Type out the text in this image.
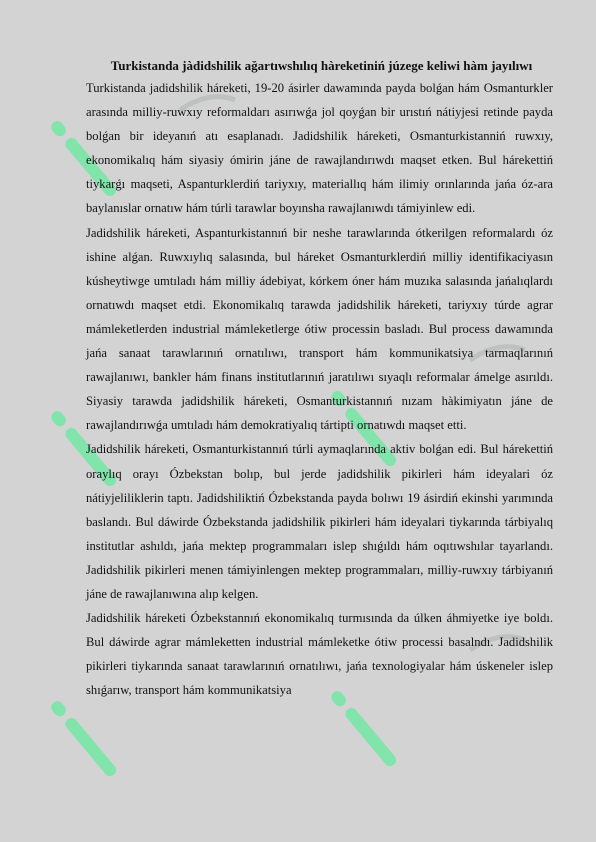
Turkistanda jàdidshilik ağartıwshılıq hàreketiniń júzege keliwi hàm jayılıwı

Turkistanda jadidshilik háreketi, 19-20 ásirler dawamında payda bolǵan hám Osmanturkler arasında milliy-ruwxıy reformaldarı asırıwǵa jol qoyǵan bir urıstıń nátiyjesi retinde payda bolǵan bir ideyanıń atı esaplanadı. Jadidshilik háreketi, Osmanturkistanniń ruwxıy, ekonomikalıq hám siyasiy ómirin jáne de rawajlandırıwdı maqset etken. Bul hárekettiń tiykarǵı maqseti, Aspanturklerdiń tariyxıy, materiallıq hám ilimiy orınlarında jańa óz-ara baylanıslar ornatıw hám túrli tarawlar boyınsha rawajlanıwdı támiyinlew edi.

Jadidshilik háreketi, Aspanturkistannıń bir neshe tarawlarında ótkerilgen reformalardı óz ishine alǵan. Ruwxıylıq salasında, bul háreket Osmanturklerdiń milliy identifikaciyasın kúsheytiwge umtıladı hám milliy ádebiyat, kórkem óner hám muzıka salasında jańalıqlardı ornatıwdı maqset etdi. Ekonomikalıq tarawda jadidshilik háreketi, tariyxıy túrde agrar mámleketlerden industrial mámleketlerge ótiw processin basladı. Bul process dawamında jańa sanaat tarawlarınıń ornatılıwı, transport hám kommunikatsiya tarmaqlarınıń rawajlanıwı, bankler hám finans institutlarınıń jaratılıwı sıyaqlı reformalar ámelge asırıldı. Siyasiy tarawda jadidshilik háreketi, Osmanturkistannıń nızam hàkimiyatın jáne de rawajlandırıwǵa umtıladı hám demokratiyalıq tártipti ornatıwdı maqset etti.

Jadidshilik háreketi, Osmanturkistannıń túrli aymaqlarında aktiv bolǵan edi. Bul hárekettiń oraylıq orayı Ózbekstan bolıp, bul jerde jadidshilik pikirleri hám ideyalari óz nátiyjeliliklerin taptı. Jadidshiliktiń Ózbekstanda payda bolıwı 19 ásirdiń ekinshi yarımında baslandı. Bul dáwirde Ózbekstanda jadidshilik pikirleri hám ideyalari tiykarında tárbiyalıq institutlar ashıldı, jańa mektep programmaları islep shıǵıldı hám oqıtıwshılar tayarlandı. Jadidshilik pikirleri menen támiyinlengen mektep programmaları, milliy-ruwxıy tárbiyanıń jáne de rawajlanıwına alıp kelgen.

Jadidshilik háreketi Ózbekstannıń ekonomikalıq turmısında da úlken áhmiyetke iye boldı. Bul dáwirde agrar mámleketten industrial mámleketke ótiw processi basalndı. Jadidshilik pikirleri tiykarında sanaat tarawlarınıń ornatılıwı, jańa texnologiyalar hám úskeneler islep shıǵarıw, transport hám kommunikatsiya
